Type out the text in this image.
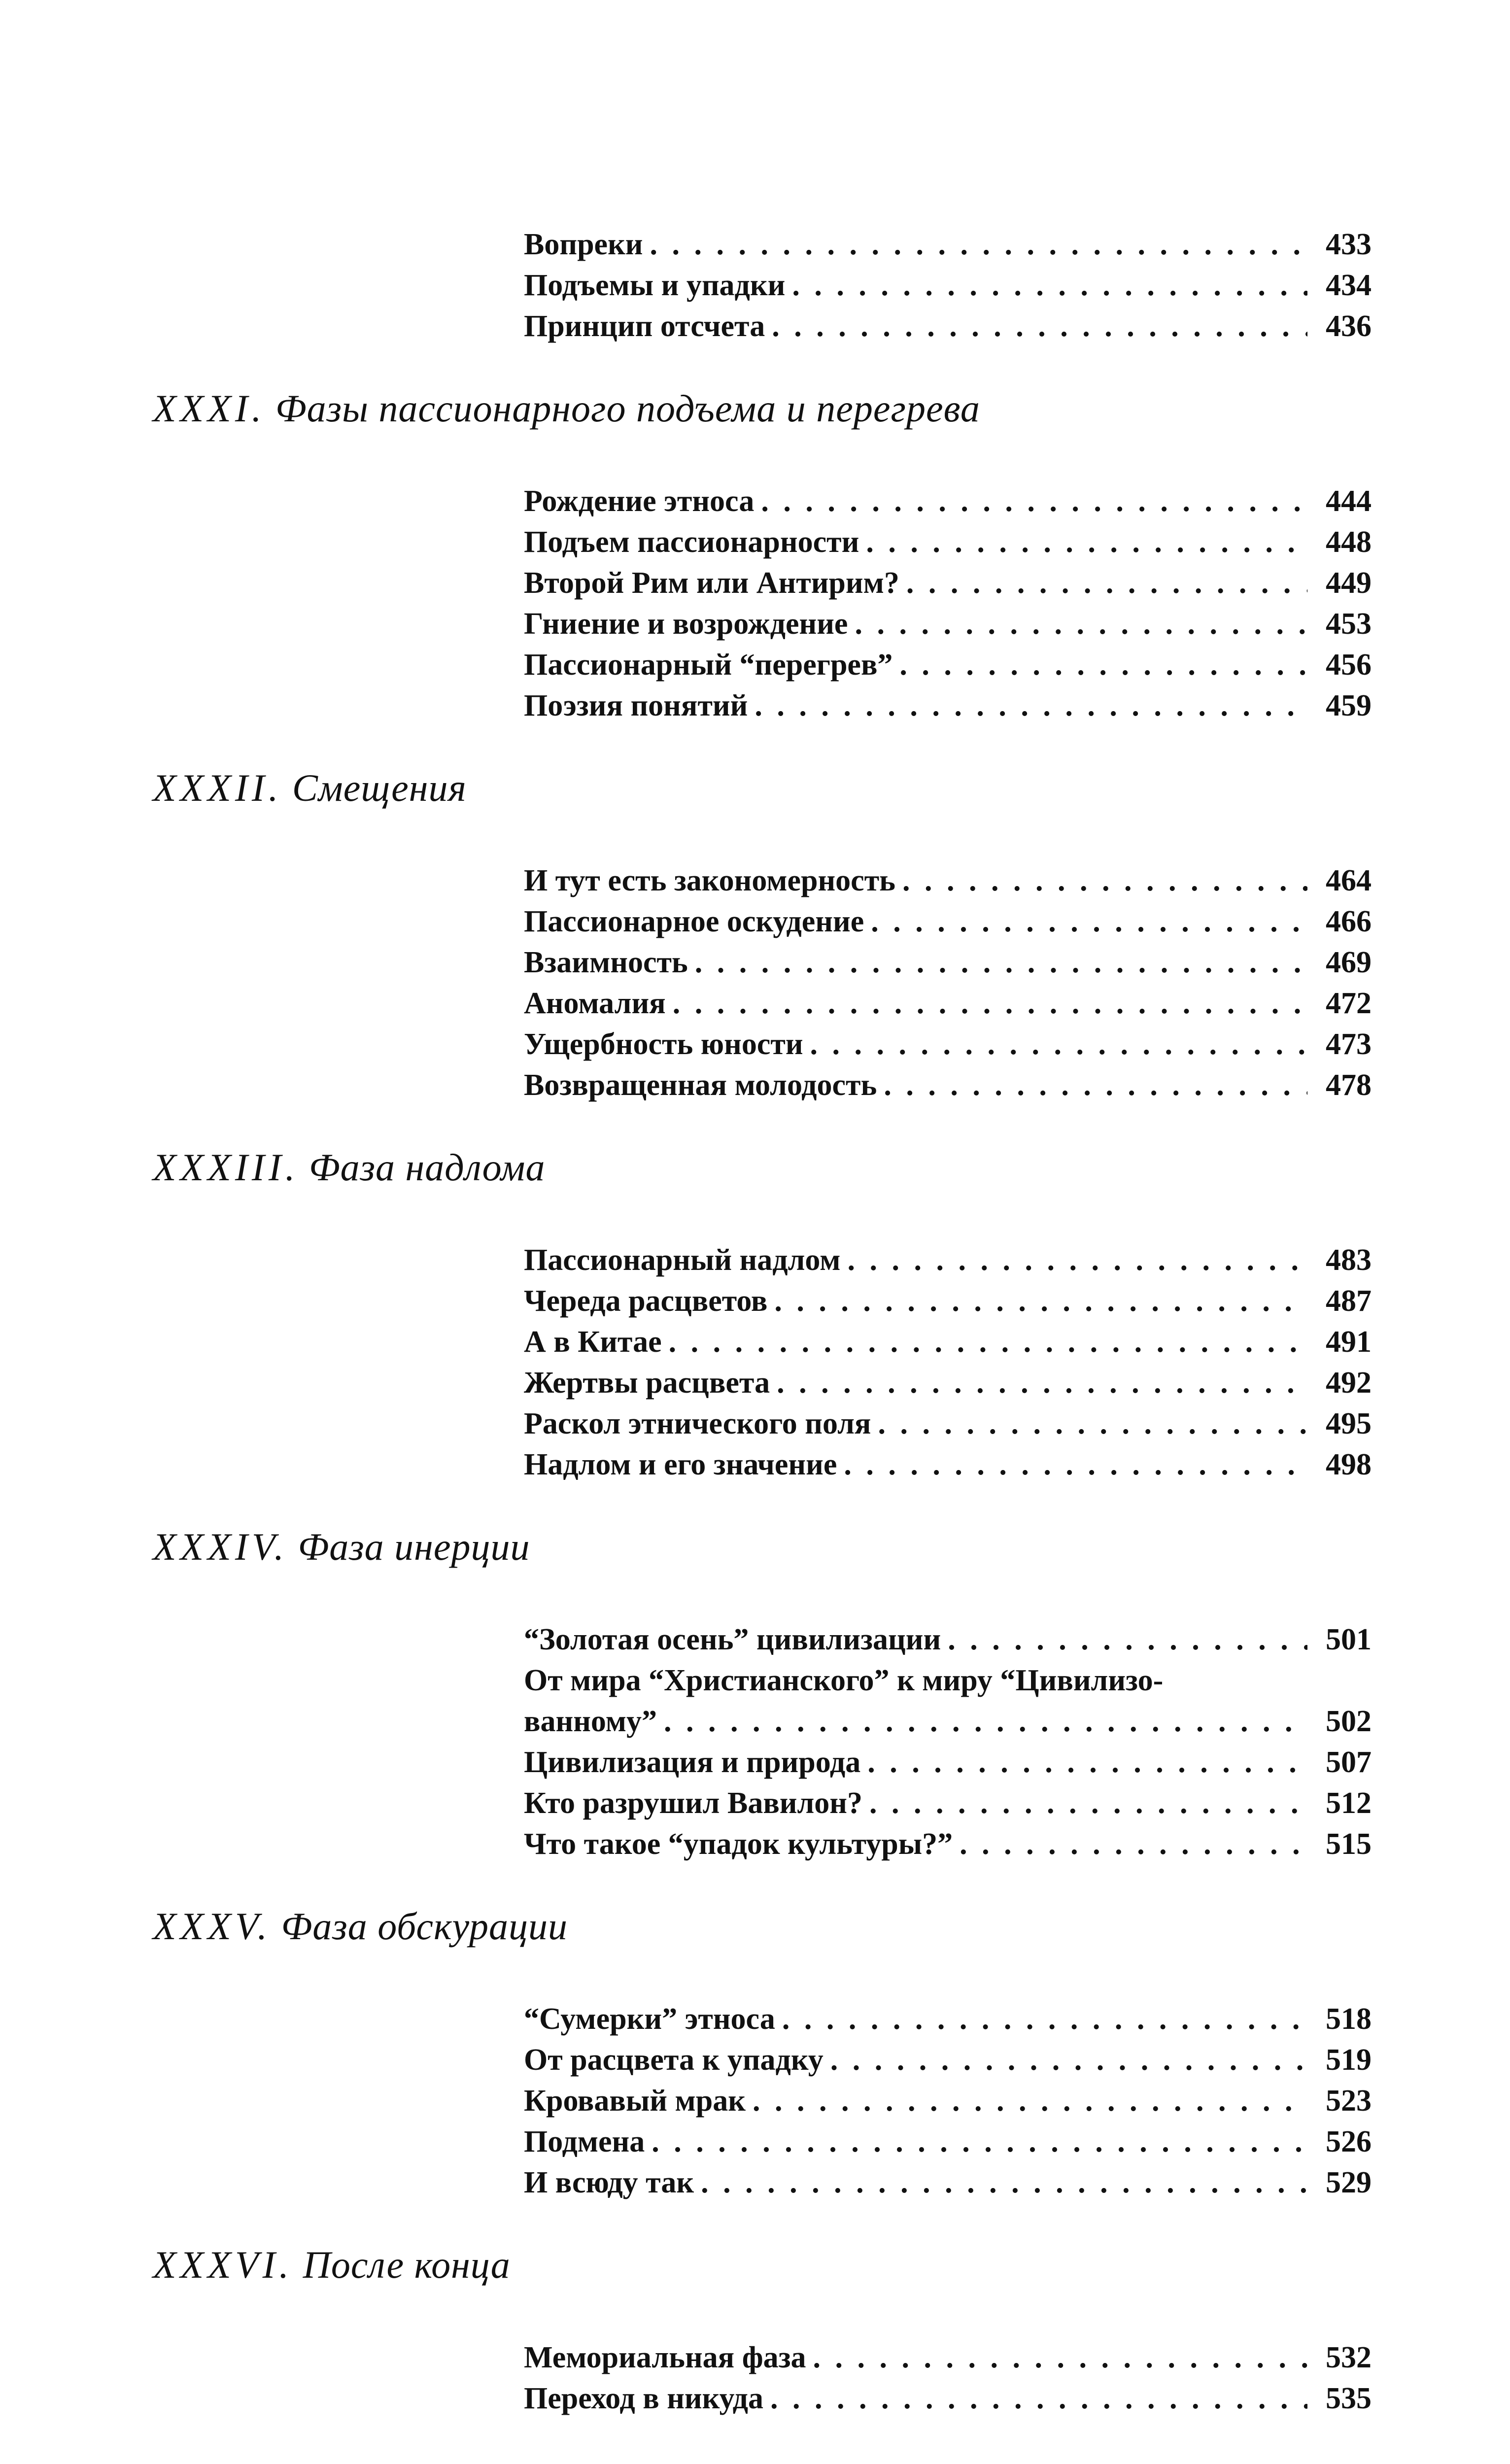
Вопреки . . .	433
Подъемы и упадки . . .	434
Принцип отсчета . . .	436
XXXI. Фазы пассионарного подъема и перегрева
Рождение этноса . . .	444
Подъем пассионарности . . .	448
Второй Рим или Антирим? . . .	449
Гниение и возрождение . . .	453
Пассионарный “перегрев” . . .	456
Поэзия понятий . . .	459
XXXII. Смещения
И тут есть закономерность . . .	464
Пассионарное оскудение . . .	466
Взаимность . . .	469
Аномалия . . .	472
Ущербность юности . . .	473
Возвращенная молодость . . .	478
XXXIII. Фаза надлома
Пассионарный надлом . . .	483
Череда расцветов . . .	487
А в Китае . . .	491
Жертвы расцвета . . .	492
Раскол этнического поля . . .	495
Надлом и его значение . . .	498
XXXIV. Фаза инерции
“Золотая осень” цивилизации . . .	501
От мира “Христианского” к миру “Цивилизо-
ванному” . . .	502
Цивилизация и природа . . .	507
Кто разрушил Вавилон? . . .	512
Что такое “упадок культуры?” . . .	515
XXXV. Фаза обскурации
“Сумерки” этноса . . .	518
От расцвета к упадку . . .	519
Кровавый мрак . . .	523
Подмена . . .	526
И всюду так . . .	529
XXXVI. После конца
Мемориальная фаза . . .	532
Переход в никуда . . .	535
